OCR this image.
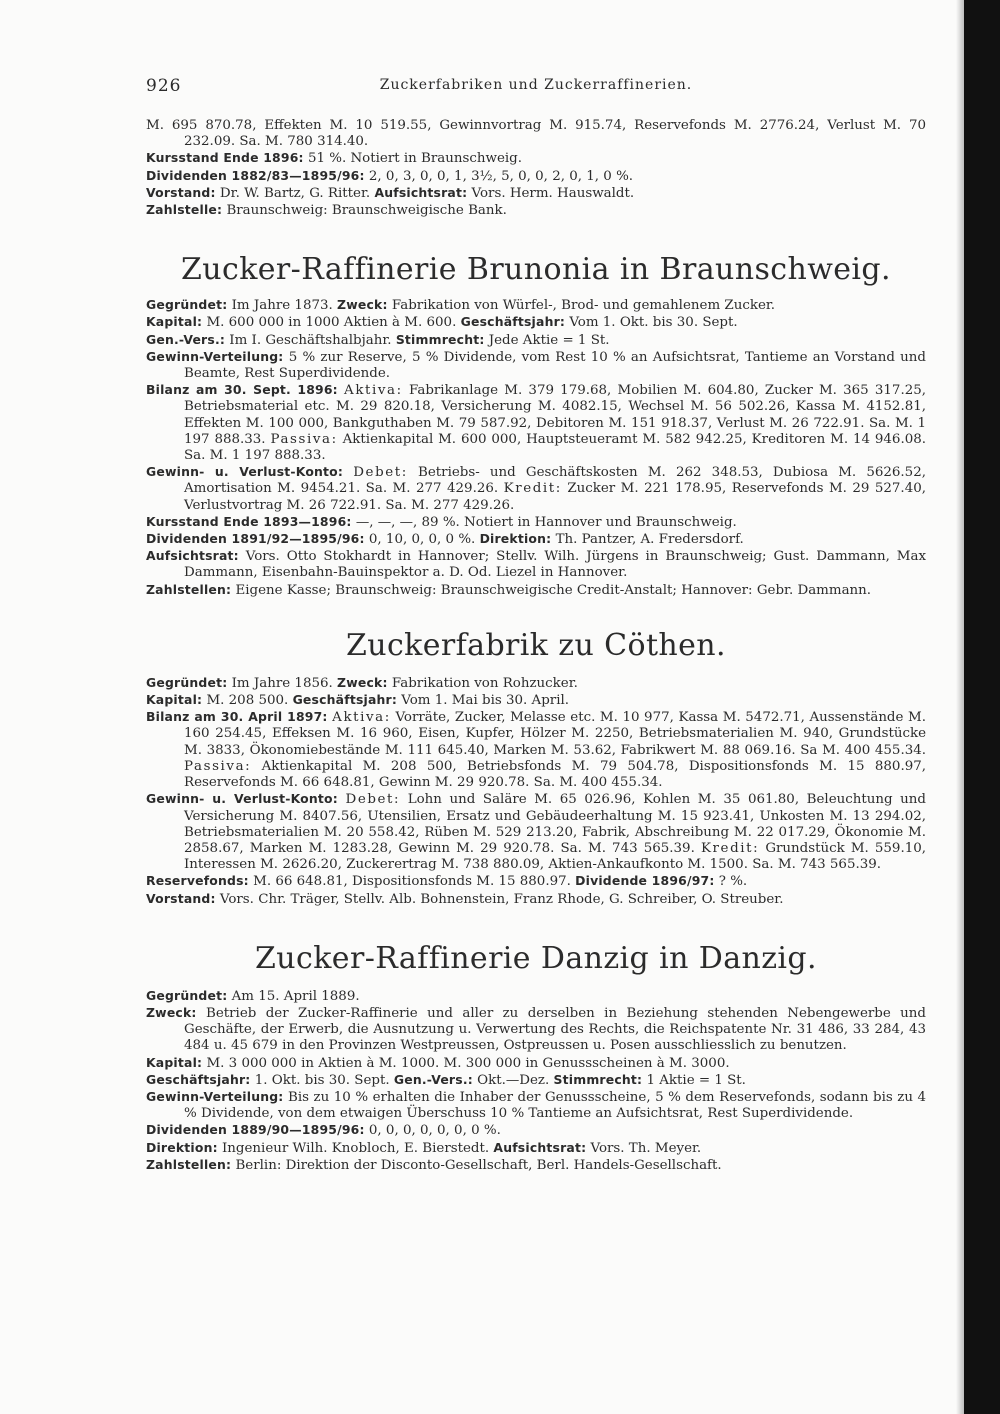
926	Zuckerfabriken und Zuckerraffinerien.

M. 695 870.78, Effekten M. 10 519.55, Gewinnvortrag M. 915.74, Reservefonds M. 2776.24, Verlust M. 70 232.09. Sa. M. 780 314.40.

Kursstand Ende 1896: 51 %. Notiert in Braunschweig.

Dividenden 1882/83—1895/96: 2, 0, 3, 0, 0, 1, 3½, 5, 0, 0, 2, 0, 1, 0 %.

Vorstand: Dr. W. Bartz, G. Ritter. Aufsichtsrat: Vors. Herm. Hauswaldt.

Zahlstelle: Braunschweig: Braunschweigische Bank.

Zucker-Raffinerie Brunonia in Braunschweig.

Gegründet: Im Jahre 1873. Zweck: Fabrikation von Würfel-, Brod- und gemahlenem Zucker.

Kapital: M. 600 000 in 1000 Aktien à M. 600. Geschäftsjahr: Vom 1. Okt. bis 30. Sept.

Gen.-Vers.: Im I. Geschäftshalbjahr. Stimmrecht: Jede Aktie = 1 St.

Gewinn-Verteilung: 5 % zur Reserve, 5 % Dividende, vom Rest 10 % an Aufsichtsrat, Tantieme an Vorstand und Beamte, Rest Superdividende.

Bilanz am 30. Sept. 1896: Aktiva: Fabrikanlage M. 379 179.68, Mobilien M. 604.80, Zucker M. 365 317.25, Betriebsmaterial etc. M. 29 820.18, Versicherung M. 4082.15, Wechsel M. 56 502.26, Kassa M. 4152.81, Effekten M. 100 000, Bankguthaben M. 79 587.92, Debitoren M. 151 918.37, Verlust M. 26 722.91. Sa. M. 1 197 888.33. Passiva: Aktienkapital M. 600 000, Hauptsteueramt M. 582 942.25, Kreditoren M. 14 946.08. Sa. M. 1 197 888.33.

Gewinn- u. Verlust-Konto: Debet: Betriebs- und Geschäftskosten M. 262 348.53, Dubiosa M. 5626.52, Amortisation M. 9454.21. Sa. M. 277 429.26. Kredit: Zucker M. 221 178.95, Reservefonds M. 29 527.40, Verlustvortrag M. 26 722.91. Sa. M. 277 429.26.

Kursstand Ende 1893—1896: —, —, —, 89 %. Notiert in Hannover und Braunschweig.

Dividenden 1891/92—1895/96: 0, 10, 0, 0, 0 %. Direktion: Th. Pantzer, A. Fredersdorf.

Aufsichtsrat: Vors. Otto Stokhardt in Hannover; Stellv. Wilh. Jürgens in Braunschweig; Gust. Dammann, Max Dammann, Eisenbahn-Bauinspektor a. D. Od. Liezel in Hannover.

Zahlstellen: Eigene Kasse; Braunschweig: Braunschweigische Credit-Anstalt; Hannover: Gebr. Dammann.

Zuckerfabrik zu Cöthen.

Gegründet: Im Jahre 1856. Zweck: Fabrikation von Rohzucker.

Kapital: M. 208 500. Geschäftsjahr: Vom 1. Mai bis 30. April.

Bilanz am 30. April 1897: Aktiva: Vorräte, Zucker, Melasse etc. M. 10 977, Kassa M. 5472.71, Aussenstände M. 160 254.45, Effeksen M. 16 960, Eisen, Kupfer, Hölzer M. 2250, Betriebsmaterialien M. 940, Grundstücke M. 3833, Ökonomiebestände M. 111 645.40, Marken M. 53.62, Fabrikwert M. 88 069.16. Sa M. 400 455.34. Passiva: Aktienkapital M. 208 500, Betriebsfonds M. 79 504.78, Dispositionsfonds M. 15 880.97, Reservefonds M. 66 648.81, Gewinn M. 29 920.78. Sa. M. 400 455.34.

Gewinn- u. Verlust-Konto: Debet: Lohn und Saläre M. 65 026.96, Kohlen M. 35 061.80, Beleuchtung und Versicherung M. 8407.56, Utensilien, Ersatz und Gebäudeerhaltung M. 15 923.41, Unkosten M. 13 294.02, Betriebsmaterialien M. 20 558.42, Rüben M. 529 213.20, Fabrik, Abschreibung M. 22 017.29, Ökonomie M. 2858.67, Marken M. 1283.28, Gewinn M. 29 920.78. Sa. M. 743 565.39. Kredit: Grundstück M. 559.10, Interessen M. 2626.20, Zuckerertrag M. 738 880.09, Aktien-Ankaufkonto M. 1500. Sa. M. 743 565.39.

Reservefonds: M. 66 648.81, Dispositionsfonds M. 15 880.97. Dividende 1896/97: ? %.

Vorstand: Vors. Chr. Träger, Stellv. Alb. Bohnenstein, Franz Rhode, G. Schreiber, O. Streuber.

Zucker-Raffinerie Danzig in Danzig.

Gegründet: Am 15. April 1889.

Zweck: Betrieb der Zucker-Raffinerie und aller zu derselben in Beziehung stehenden Nebengewerbe und Geschäfte, der Erwerb, die Ausnutzung u. Verwertung des Rechts, die Reichspatente Nr. 31 486, 33 284, 43 484 u. 45 679 in den Provinzen Westpreussen, Ostpreussen u. Posen ausschliesslich zu benutzen.

Kapital: M. 3 000 000 in Aktien à M. 1000. M. 300 000 in Genussscheinen à M. 3000.

Geschäftsjahr: 1. Okt. bis 30. Sept. Gen.-Vers.: Okt.—Dez. Stimmrecht: 1 Aktie = 1 St.

Gewinn-Verteilung: Bis zu 10 % erhalten die Inhaber der Genussscheine, 5 % dem Reservefonds, sodann bis zu 4 % Dividende, von dem etwaigen Überschuss 10 % Tantieme an Aufsichtsrat, Rest Superdividende.

Dividenden 1889/90—1895/96: 0, 0, 0, 0, 0, 0, 0 %.

Direktion: Ingenieur Wilh. Knobloch, E. Bierstedt. Aufsichtsrat: Vors. Th. Meyer.

Zahlstellen: Berlin: Direktion der Disconto-Gesellschaft, Berl. Handels-Gesellschaft.
